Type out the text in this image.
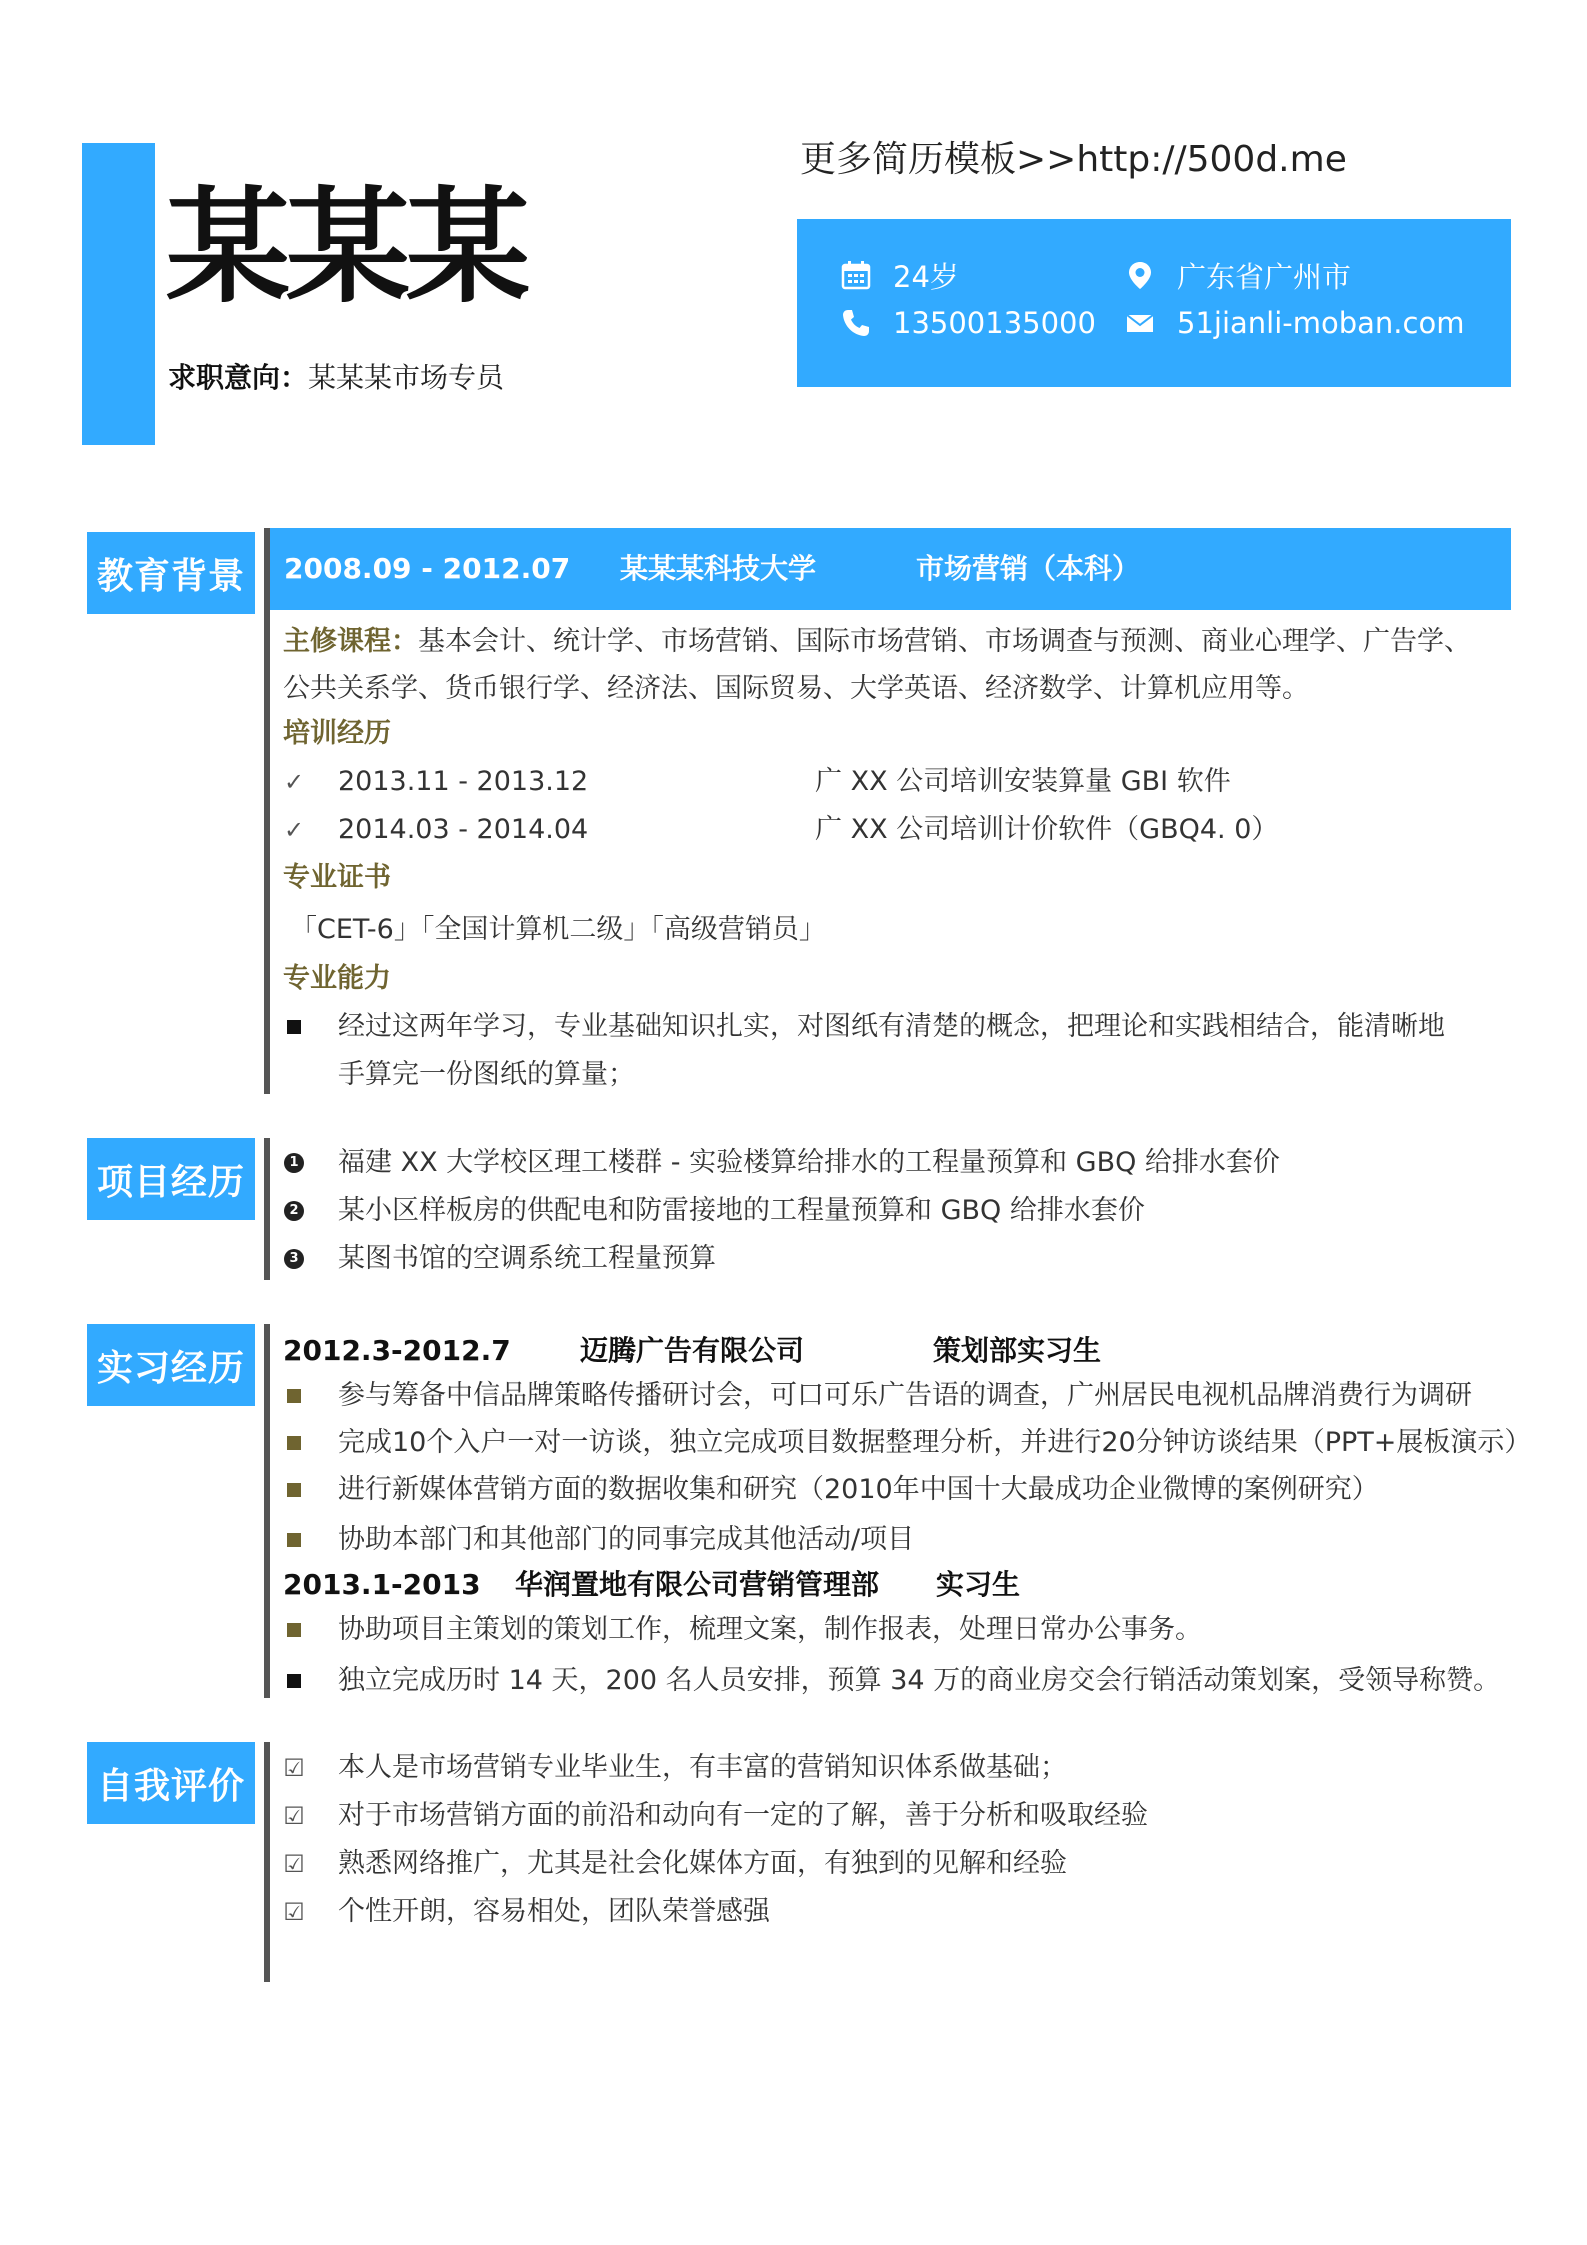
某某某
求职意向：某某某市场专员
更多简历模板>>http://500d.me
24岁	广东省广州市
13500135000	51jianli-moban.com
教育背景	2008.09 - 2012.07 某某某科技大学	市场营销（本科）
主修课程：基本会计、统计学、市场营销、国际市场营销、市场调查与预测、商业心理学、广告学、
公共关系学、货币银行学、经济法、国际贸易、大学英语、经济数学、计算机应用等。
培训经历
✓ 2013.11 - 2013.12	广 XX 公司培训安装算量 GBI 软件
✓ 2014.03 - 2014.04	广 XX 公司培训计价软件（GBQ4. 0）
专业证书
「CET-6」「全国计算机二级」「高级营销员」
专业能力
经过这两年学习，专业基础知识扎实，对图纸有清楚的概念，把理论和实践相结合，能清晰地
手算完一份图纸的算量；
项目经历	1 福建 XX 大学校区理工楼群 - 实验楼算给排水的工程量预算和 GBQ 给排水套价
2 某小区样板房的供配电和防雷接地的工程量预算和 GBQ 给排水套价
3 某图书馆的空调系统工程量预算
实习经历	2012.3-2012.7 迈腾广告有限公司	策划部实习生
参与筹备中信品牌策略传播研讨会，可口可乐广告语的调查，广州居民电视机品牌消费行为调研
完成10个入户一对一访谈，独立完成项目数据整理分析，并进行20分钟访谈结果（PPT+展板演示）
进行新媒体营销方面的数据收集和研究（2010年中国十大最成功企业微博的案例研究）
协助本部门和其他部门的同事完成其他活动/项目
2013.1-2013 华润置地有限公司营销管理部 实习生
协助项目主策划的策划工作，梳理文案，制作报表，处理日常办公事务。
独立完成历时 14 天，200 名人员安排，预算 34 万的商业房交会行销活动策划案，受领导称赞。
自我评价	☑ 本人是市场营销专业毕业生，有丰富的营销知识体系做基础；
☑ 对于市场营销方面的前沿和动向有一定的了解，善于分析和吸取经验
☑ 熟悉网络推广，尤其是社会化媒体方面，有独到的见解和经验
☑ 个性开朗，容易相处，团队荣誉感强
